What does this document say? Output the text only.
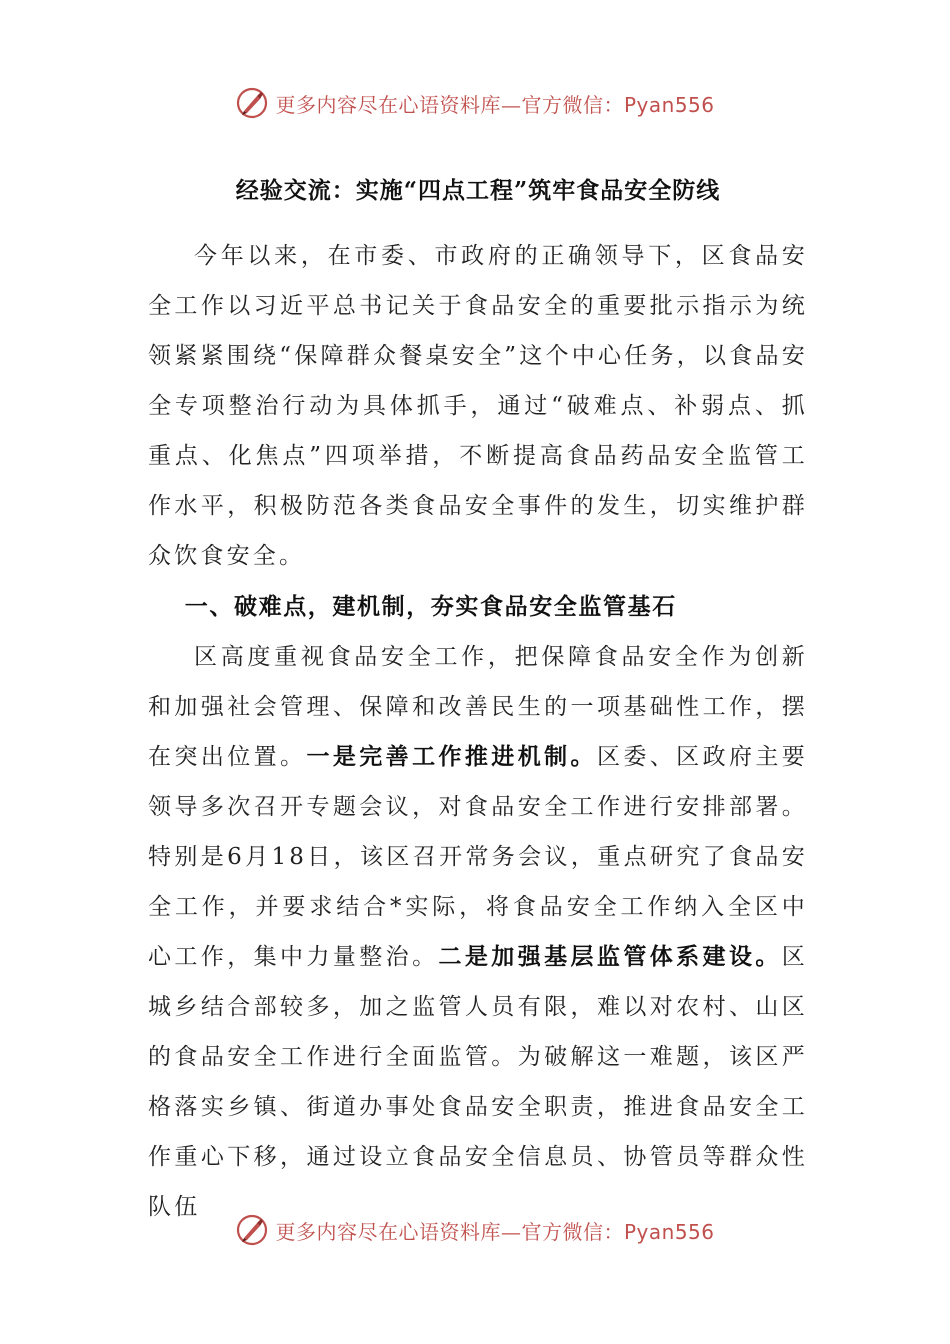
更多内容尽在心语资料库—官方微信：Pyan556
经验交流：实施“四点工程”筑牢食品安全防线

今年以来，在市委、市政府的正确领导下，区食品安全工作以习近平总书记关于食品安全的重要批示指示为统领紧紧围绕“保障群众餐桌安全”这个中心任务，以食品安全专项整治行动为具体抓手，通过“破难点、补弱点、抓重点、化焦点”四项举措，不断提高食品药品安全监管工作水平，积极防范各类食品安全事件的发生，切实维护群众饮食安全。

一、破难点，建机制，夯实食品安全监管基石

区高度重视食品安全工作，把保障食品安全作为创新和加强社会管理、保障和改善民生的一项基础性工作，摆在突出位置。一是完善工作推进机制。区委、区政府主要领导多次召开专题会议，对食品安全工作进行安排部署。特别是6月18日，该区召开常务会议，重点研究了食品安全工作，并要求结合*实际，将食品安全工作纳入全区中心工作，集中力量整治。二是加强基层监管体系建设。区城乡结合部较多，加之监管人员有限，难以对农村、山区的食品安全工作进行全面监管。为破解这一难题，该区严格落实乡镇、街道办事处食品安全职责，推进食品安全工作重心下移，通过设立食品安全信息员、协管员等群众性队伍

更多内容尽在心语资料库—官方微信：Pyan556
